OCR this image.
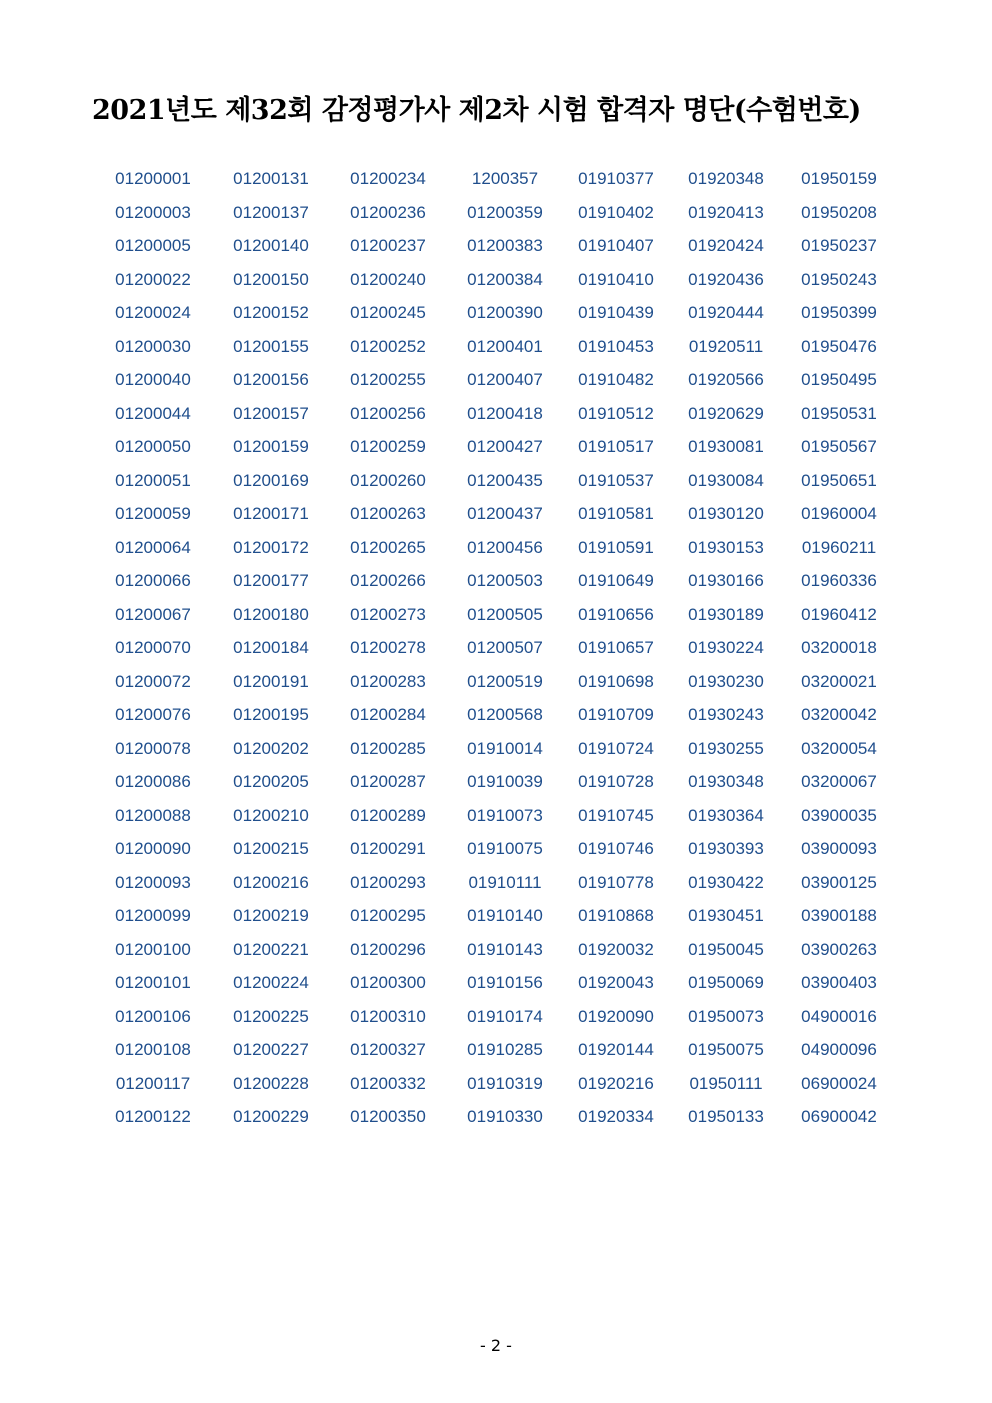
2021년도 제32회 감정평가사 제2차 시험 합격자 명단(수험번호)
01200001	01200131	01200234	1200357	01910377	01920348	01950159
01200003	01200137	01200236	01200359	01910402	01920413	01950208
01200005	01200140	01200237	01200383	01910407	01920424	01950237
01200022	01200150	01200240	01200384	01910410	01920436	01950243
01200024	01200152	01200245	01200390	01910439	01920444	01950399
01200030	01200155	01200252	01200401	01910453	01920511	01950476
01200040	01200156	01200255	01200407	01910482	01920566	01950495
01200044	01200157	01200256	01200418	01910512	01920629	01950531
01200050	01200159	01200259	01200427	01910517	01930081	01950567
01200051	01200169	01200260	01200435	01910537	01930084	01950651
01200059	01200171	01200263	01200437	01910581	01930120	01960004
01200064	01200172	01200265	01200456	01910591	01930153	01960211
01200066	01200177	01200266	01200503	01910649	01930166	01960336
01200067	01200180	01200273	01200505	01910656	01930189	01960412
01200070	01200184	01200278	01200507	01910657	01930224	03200018
01200072	01200191	01200283	01200519	01910698	01930230	03200021
01200076	01200195	01200284	01200568	01910709	01930243	03200042
01200078	01200202	01200285	01910014	01910724	01930255	03200054
01200086	01200205	01200287	01910039	01910728	01930348	03200067
01200088	01200210	01200289	01910073	01910745	01930364	03900035
01200090	01200215	01200291	01910075	01910746	01930393	03900093
01200093	01200216	01200293	01910111	01910778	01930422	03900125
01200099	01200219	01200295	01910140	01910868	01930451	03900188
01200100	01200221	01200296	01910143	01920032	01950045	03900263
01200101	01200224	01200300	01910156	01920043	01950069	03900403
01200106	01200225	01200310	01910174	01920090	01950073	04900016
01200108	01200227	01200327	01910285	01920144	01950075	04900096
01200117	01200228	01200332	01910319	01920216	01950111	06900024
01200122	01200229	01200350	01910330	01920334	01950133	06900042
- 2 -
